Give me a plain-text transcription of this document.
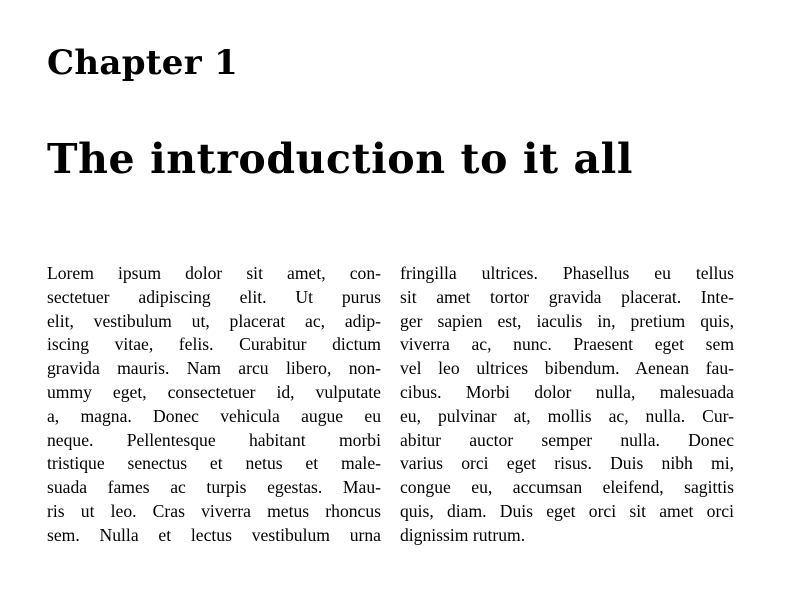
Chapter 1
The introduction to it all
Lorem ipsum dolor sit amet, con-
sectetuer adipiscing elit. Ut purus
elit, vestibulum ut, placerat ac, adip-
iscing vitae, felis. Curabitur dictum
gravida mauris. Nam arcu libero, non-
ummy eget, consectetuer id, vulputate
a, magna. Donec vehicula augue eu
neque. Pellentesque habitant morbi
tristique senectus et netus et male-
suada fames ac turpis egestas. Mau-
ris ut leo. Cras viverra metus rhoncus
sem. Nulla et lectus vestibulum urna
fringilla ultrices. Phasellus eu tellus
sit amet tortor gravida placerat. Inte-
ger sapien est, iaculis in, pretium quis,
viverra ac, nunc. Praesent eget sem
vel leo ultrices bibendum. Aenean fau-
cibus. Morbi dolor nulla, malesuada
eu, pulvinar at, mollis ac, nulla. Cur-
abitur auctor semper nulla. Donec
varius orci eget risus. Duis nibh mi,
congue eu, accumsan eleifend, sagittis
quis, diam. Duis eget orci sit amet orci
dignissim rutrum.
